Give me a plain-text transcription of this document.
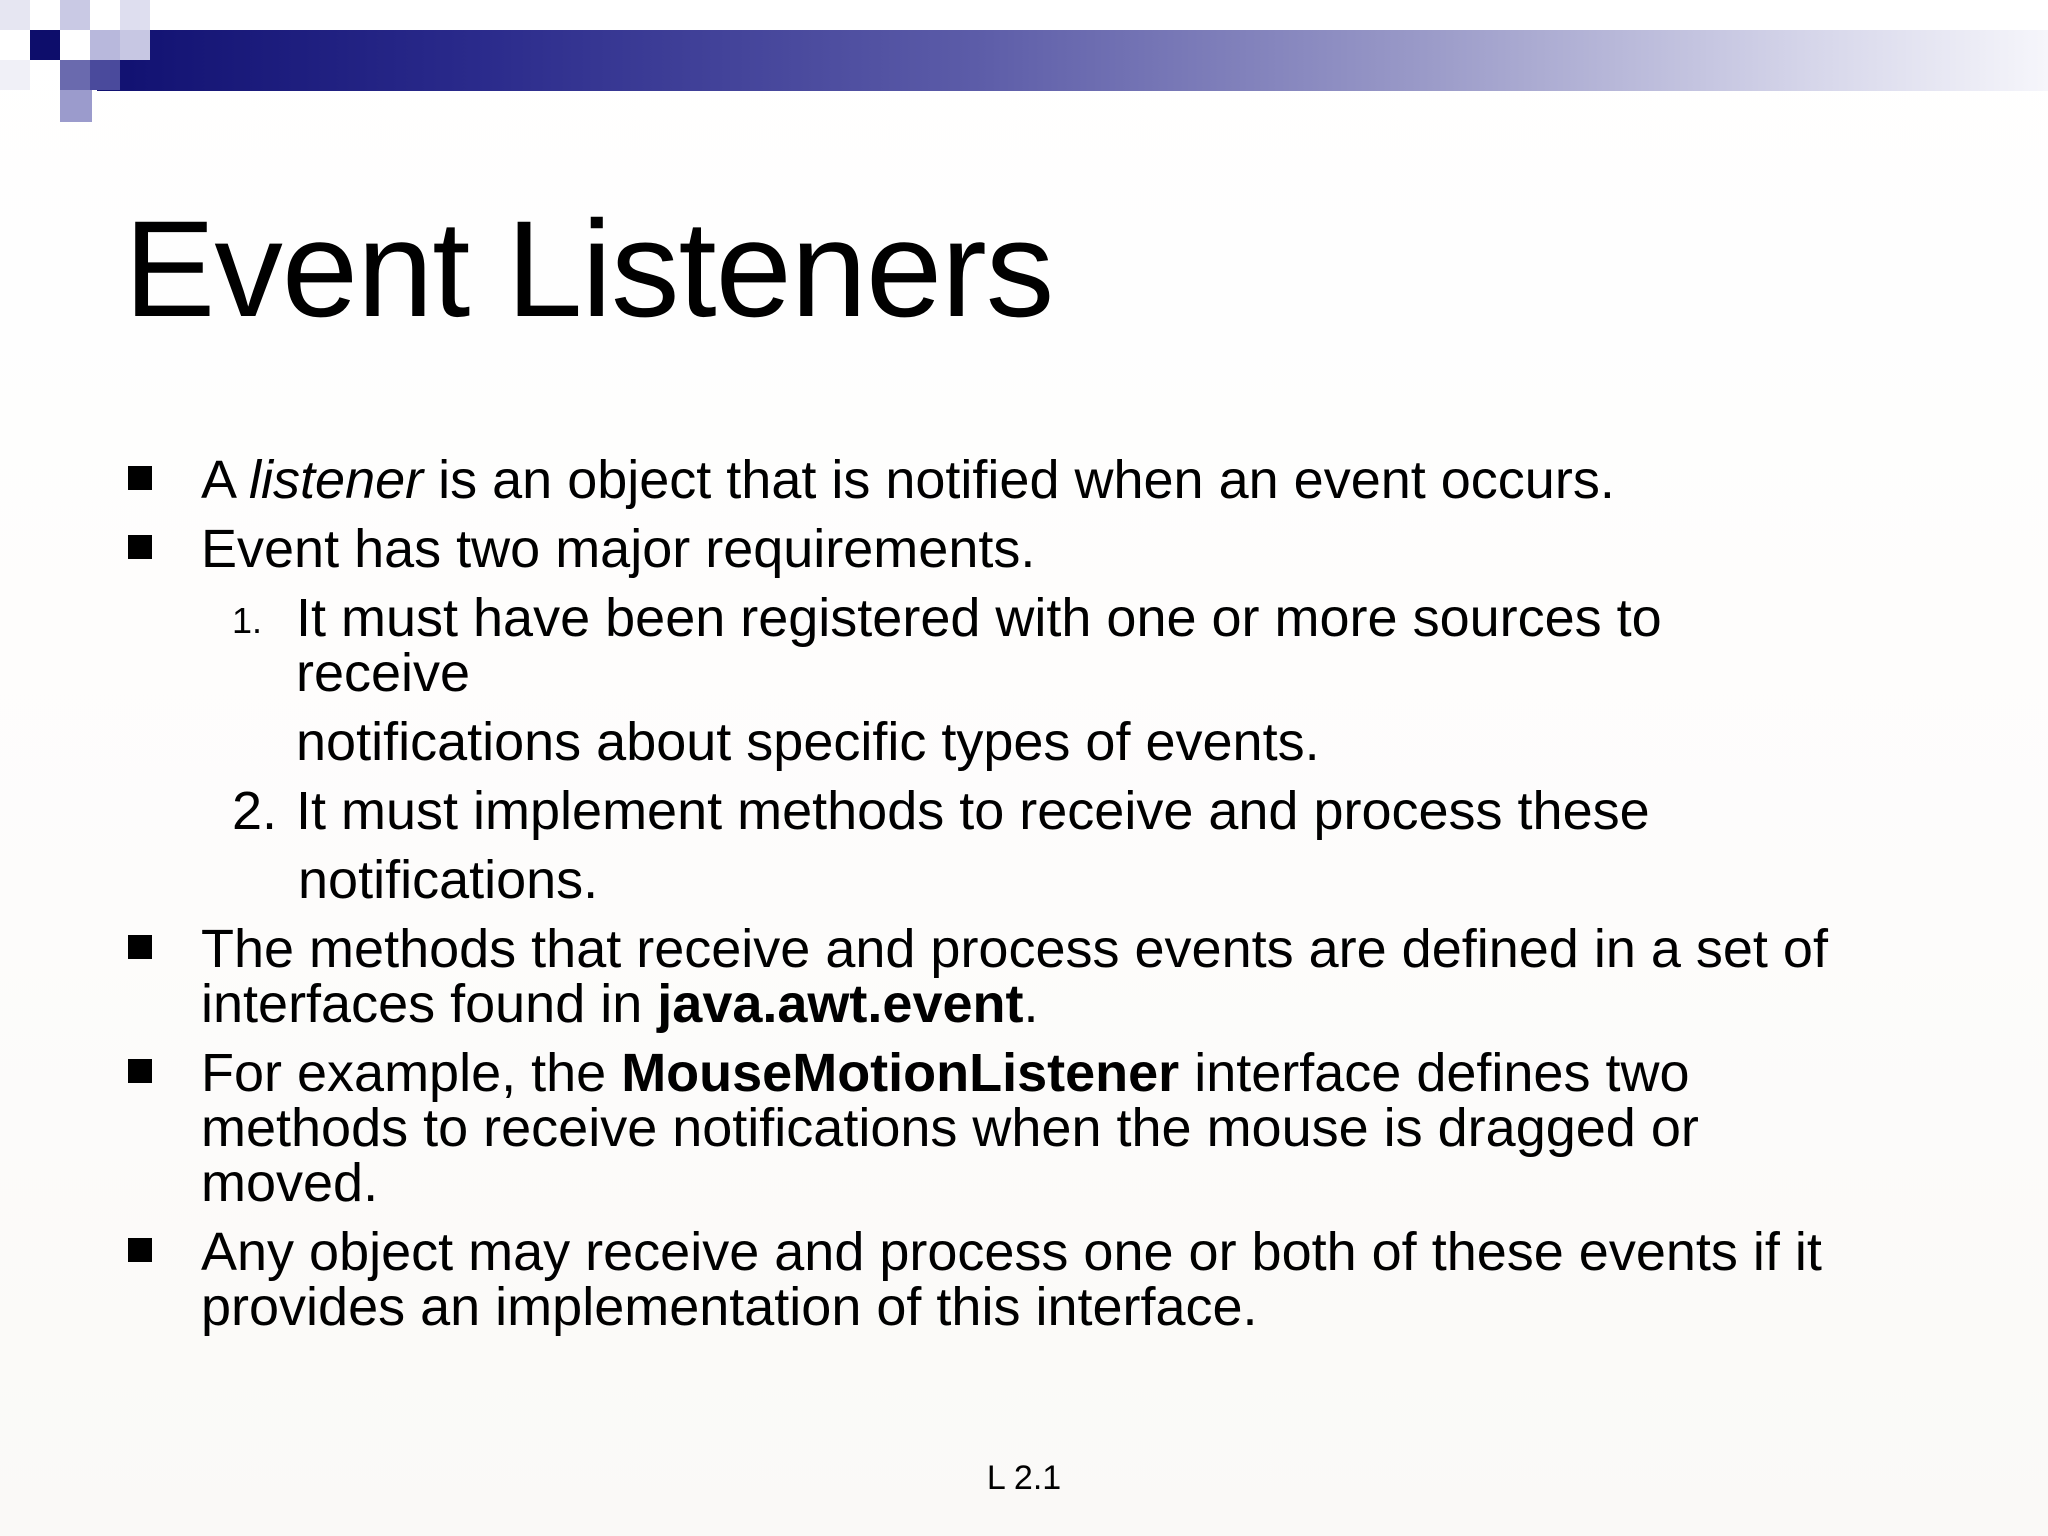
Event Listeners
A listener is an object that is notified when an event occurs.
Event has two major requirements.
1. It must have been registered with one or more sources to
receive
notifications about specific types of events.
2. It must implement methods to receive and process these
notifications.
The methods that receive and process events are defined in a set of
interfaces found in java.awt.event.
For example, the MouseMotionListener interface defines two
methods to receive notifications when the mouse is dragged or
moved.
Any object may receive and process one or both of these events if it
provides an implementation of this interface.
L 2.1
